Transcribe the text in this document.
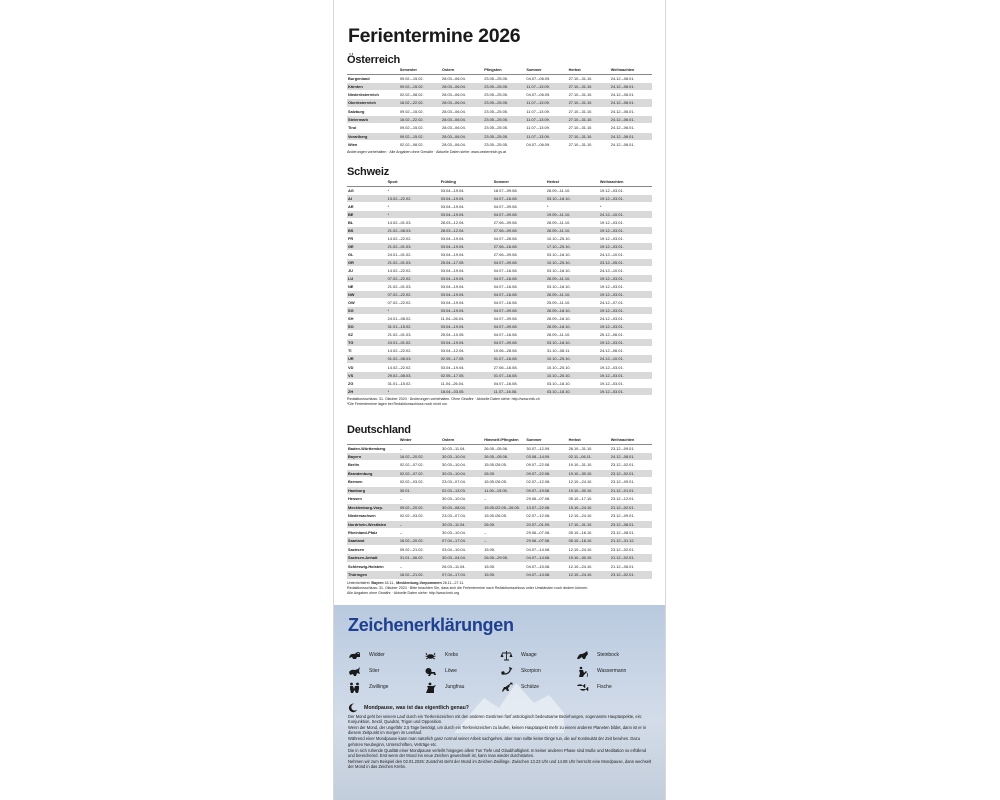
Ferientermine 2026
Österreich
	Semester	Ostern	Pfingsten	Sommer	Herbst	Weihnachten
Burgenland	09.02.–15.02.	28.03.–06.04.	23.05.–25.05.	04.07.–06.09.	27.10.–31.10.	24.12.–06.01.
Kärnten	09.02.–15.02.	28.03.–06.04.	23.05.–25.05.	11.07.–13.09.	27.10.–31.10.	24.12.–06.01.
Niederösterreich	02.02.–08.02.	28.03.–06.04.	23.05.–25.05.	04.07.–06.09.	27.10.–31.10.	24.12.–06.01.
Oberösterreich	16.02.–22.02.	28.03.–06.04.	23.05.–25.05.	11.07.–13.09.	27.10.–31.10.	24.12.–06.01.
Salzburg	09.02.–15.02.	28.03.–06.04.	23.05.–25.05.	11.07.–13.09.	27.10.–31.10.	24.12.–06.01.
Steiermark	16.02.–22.02.	28.03.–06.04.	23.05.–25.05.	11.07.–13.09.	27.10.–31.10.	24.12.–06.01.
Tirol	09.02.–15.02.	28.03.–06.04.	23.05.–25.05.	11.07.–13.09.	27.10.–31.10.	24.12.–06.01.
Vorarlberg	09.02.–15.02.	28.03.–06.04.	23.05.–25.05.	11.07.–13.09.	27.10.–31.10.	24.12.–06.01.
Wien	02.02.–08.02.	28.03.–06.04.	23.05.–25.05.	04.07.–06.09.	27.10.–31.10.	24.12.–06.01.
Änderungen vorbehalten · Alle Angaben ohne Gewähr · Aktuelle Daten siehe: www.oesterreich.gv.at
Schweiz
	Sport	Frühling	Sommer	Herbst	Weihnachten
AG	*	03.04.–19.04.	18.07.–09.08.	26.09.–11.10.	19.12.–03.01.
AI	13.02.–22.02.	03.04.–19.04.	04.07.–16.08.	03.10.–18.10.	19.12.–03.01.
AR	*	03.04.–19.04.	04.07.–09.08.	*	*
BE	*	03.04.–19.04.	04.07.–09.08.	19.09.–11.10.	24.12.–10.01.
BL	14.02.–01.03.	28.03.–12.04.	27.06.–09.08.	26.09.–11.10.	19.12.–03.01.
BS	21.02.–08.03.	28.03.–12.04.	27.06.–09.08.	26.09.–11.10.	19.12.–03.01.
FR	14.02.–22.02.	03.04.–19.04.	04.07.–26.08.	10.10.–25.10.	19.12.–03.01.
GE	21.02.–01.03.	03.04.–19.04.	27.06.–16.08.	17.10.–25.10.	19.12.–03.01.
GL	24.01.–01.02.	03.04.–19.04.	27.06.–09.08.	03.10.–18.10.	24.12.–10.01.
GR	21.02.–01.03.	25.04.–17.05.	04.07.–09.08.	10.10.–25.10.	23.12.–05.01.
JU	14.02.–22.02.	03.04.–19.04.	04.07.–16.08.	03.10.–18.10.	24.12.–10.01.
LU	07.02.–22.02.	03.04.–19.04.	04.07.–16.08.	26.09.–11.10.	19.12.–03.01.
NE	21.02.–01.03.	03.04.–19.04.	04.07.–16.08.	03.10.–18.10.	19.12.–03.01.
NW	07.02.–22.02.	03.04.–19.04.	04.07.–16.08.	26.09.–11.10.	19.12.–03.01.
OW	07.02.–22.02.	03.04.–19.04.	04.07.–16.08.	25.09.–11.10.	24.12.–07.01.
SG	*	03.04.–19.04.	04.07.–09.08.	26.09.–18.10.	19.12.–03.01.
SH	24.01.–08.02.	11.04.–26.04.	04.07.–09.08.	26.09.–18.10.	24.12.–03.01.
SO	31.01.–15.02.	03.04.–19.04.	04.07.–09.08.	26.09.–18.10.	19.12.–03.01.
SZ	21.02.–01.03.	25.04.–10.05.	04.07.–16.08.	26.09.–11.10.	25.12.–06.01.
TG	24.01.–01.02.	03.04.–19.04.	04.07.–09.08.	03.10.–18.10.	19.12.–03.01.
TI	14.02.–22.02.	03.04.–12.04.	10.06.–28.08.	31.10.–08.11.	24.12.–06.01.
UR	01.02.–08.03.	02.05.–17.05.	01.07.–16.08.	10.10.–25.10.	24.12.–10.01.
VD	14.02.–22.02.	03.04.–19.04.	27.06.–16.08.	10.10.–25.10.	19.12.–03.01.
VS	29.02.–08.03.	02.05.–17.05.	01.07.–16.08.	10.10.–25.10.	19.12.–03.01.
ZG	31.01.–15.02.	11.04.–26.04.	04.07.–16.08.	03.10.–18.10.	19.12.–03.01.
ZH	*	18.04.–03.05.	11.07.–16.08.	03.10.–18.10.	19.12.–03.01.
Redaktionsschluss: 31. Oktober 2024 · Änderungen vorbehalten. Ohne Gewähr · Aktuelle Daten siehe: http://www.edk.ch
*Die Ferientermine lagen bei Redaktionsschluss noch nicht vor.
Deutschland
	Winter	Ostern	Himmelf./Pfingsten	Sommer	Herbst	Weihnachten
Baden-Württemberg	–	30.03.–11.04.	26.05.–05.06.	30.07.–12.09.	26.10.–31.10.	23.12.–09.01.
Bayern	16.02.–20.02.	30.03.–10.04.	26.05.–05.06.	03.08.–14.09.	02.11.–06.11.	24.12.–08.01.
Berlin	02.02.–07.02.	30.03.–10.04.	15.05./26.05.	09.07.–22.08.	19.10.–31.10.	23.12.–02.01.
Brandenburg	02.02.–07.02.	30.03.–10.04.	26.05.	09.07.–22.08.	19.10.–30.10.	23.12.–02.01.
Bremen	02.02.–03.02.	23.03.–07.04.	15.05./26.05.	02.07.–12.08.	12.10.–24.10.	23.12.–09.01.
Hamburg	30.01.	02.03.–13.03.	11.05.–15.05.	09.07.–19.08.	19.10.–30.10.	21.12.–01.01.
Hessen	–	30.03.–10.04.	–	29.06.–07.08.	05.10.–17.10.	23.12.–12.01.
Mecklenburg-Vorp.	09.02.–20.02.	30.03.–08.04.	15.05./22.05.–26.05.	13.07.–22.08.	15.10.–24.10.	21.12.–02.01.
Niedersachsen	02.02.–03.02.	23.03.–07.04.	15.05./26.05.	02.07.–12.08.	12.10.–24.10.	23.12.–09.01.
Nordrhein-Westfalen	–	30.03.–11.04.	26.05.	20.07.–01.09.	17.10.–31.10.	23.12.–06.01.
Rheinland-Pfalz	–	30.03.–10.04.	–	29.06.–07.08.	05.10.–16.10.	23.12.–08.01.
Saarland	16.02.–20.02.	07.04.–17.04.	–	29.06.–07.08.	05.10.–16.10.	21.12.–31.12.
Sachsen	09.02.–21.02.	03.04.–10.04.	15.05.	04.07.–14.08.	12.10.–24.10.	23.12.–02.01.
Sachsen-Anhalt	31.01.–06.02.	30.03.–04.04.	26.05.–29.05.	04.07.–14.08.	19.10.–30.10.	21.12.–02.01.
Schleswig-Holstein	–	26.03.–11.04.	15.05.	04.07.–15.08.	12.10.–24.10.	21.12.–06.01.
Thüringen	16.02.–21.02.	07.04.–17.04.	15.05.	04.07.–14.08.	12.10.–24.10.	23.12.–02.01.
Unterrichtsfrei: Bayern 18.11., Mecklenburg-Vorpommern 26.11.–27.11.
Redaktionsschluss: 31. Oktober 2024 · Bitte beachten Sie, dass sich die Ferientermine nach Redaktionsschluss unter Umständen noch ändern können.
Alle Angaben ohne Gewähr · Aktuelle Daten siehe: http://www.kmk.org
Zeichenerklärungen
Widder	Krebs	Waage	Steinbock
Stier	Löwe	Skorpion	Wassermann
Zwillinge	Jungfrau	Schütze	Fische
Mondpause, was ist das eigentlich genau?

Der Mond geht bei seinem Lauf durch ein Tierkreiszeichen mit den anderen Gestirnen fünf astrologisch bedeutsame Beziehungen, sogenannte Hauptaspekte, ein: Konjunktion, Sextil, Quadrat, Trigon und Opposition.

Wenn der Mond, der ungefähr 2,5 Tage benötigt, um durch ein Tierkreiszeichen zu laufen, keinen Hauptaspekt mehr zu einem anderen Planeten bildet, dann ist er in diesem Zeitpunkt im morgen im Leerlauf.

Während einer Mondpause kann man natürlich ganz normal seiner Arbeit nachgehen, aber man sollte keine Dinge tun, die auf Kontinuität der Zeit beruhen. Dazu gehören Neubeginn, Unterschriften, Verträge etc.

Die in sich ruhende Qualität einer Mondpause verleiht hingegen allem Tun Tiefe und Glaubhaftigkeit. In keiner anderen Phase sind Muße und Meditation so erfüllend und bereichernd. Erst wenn der Mond ins neue Zeichen gewechselt ist, kann man wieder durchstarten.

Nehmen wir zum Beispiel den 02.01.2026: Zunächst steht der Mond im Zeichen Zwillinge. Zwischen 13.23 Uhr und 14.08 Uhr herrscht eine Mondpause, dann wechselt der Mond in das Zeichen Krebs.
